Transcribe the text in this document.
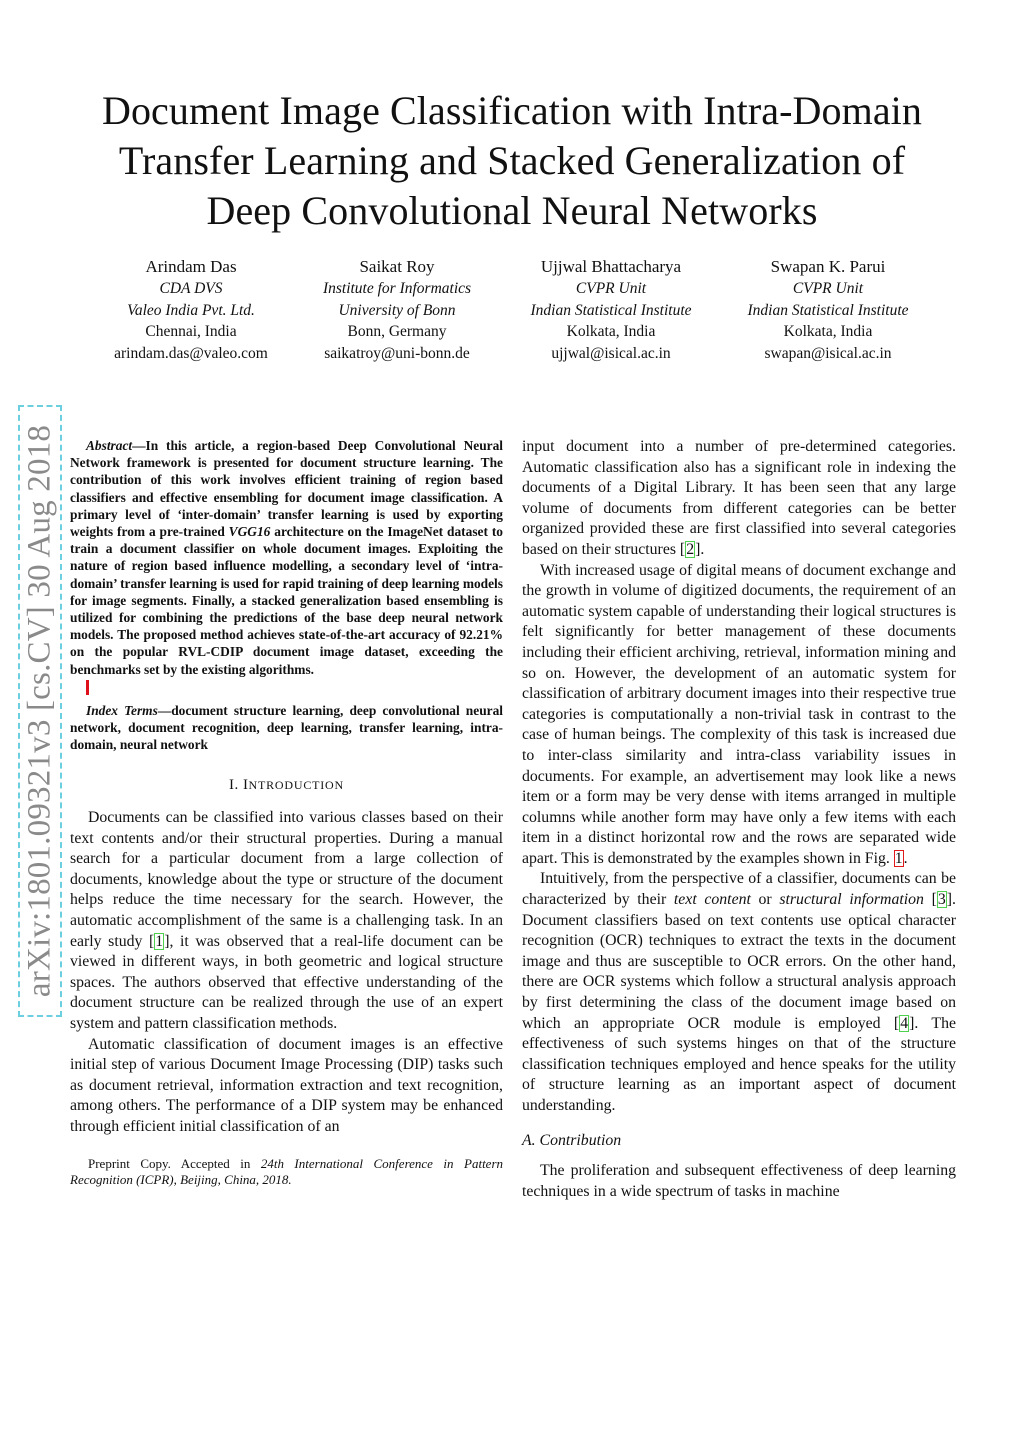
Document Image Classification with Intra-Domain
Transfer Learning and Stacked Generalization of
Deep Convolutional Neural Networks
Arindam Das
CDA DVS
Valeo India Pvt. Ltd.
Chennai, India
arindam.das@valeo.com
Saikat Roy
Institute for Informatics
University of Bonn
Bonn, Germany
saikatroy@uni-bonn.de
Ujjwal Bhattacharya
CVPR Unit
Indian Statistical Institute
Kolkata, India
ujjwal@isical.ac.in
Swapan K. Parui
CVPR Unit
Indian Statistical Institute
Kolkata, India
swapan@isical.ac.in
arXiv:1801.09321v3 [cs.CV] 30 Aug 2018	Abstract—In this article, a region-based Deep Convolutional Neural Network framework is presented for document structure learning. The contribution of this work involves efficient training of region based classifiers and effective ensembling for document image classification. A primary level of ‘inter-domain’ transfer learning is used by exporting weights from a pre-trained VGG16 architecture on the ImageNet dataset to train a document classifier on whole document images. Exploiting the nature of region based influence modelling, a secondary level of ‘intra-domain’ transfer learning is used for rapid training of deep learning models for image segments. Finally, a stacked generalization based ensembling is utilized for combining the predictions of the base deep neural network models. The proposed method achieves state-of-the-art accuracy of 92.21% on the popular RVL-CDIP document image dataset, exceeding the benchmarks set by the existing algorithms.

Index Terms—document structure learning, deep convolutional neural network, document recognition, deep learning, transfer learning, intra-domain, neural network

I. INTRODUCTION

Documents can be classified into various classes based on their text contents and/or their structural properties. During a manual search for a particular document from a large collection of documents, knowledge about the type or structure of the document helps reduce the time necessary for the search. However, the automatic accomplishment of the same is a challenging task. In an early study [1], it was observed that a real-life document can be viewed in different ways, in both geometric and logical structure spaces. The authors observed that effective understanding of the document structure can be realized through the use of an expert system and pattern classification methods.

Automatic classification of document images is an effective initial step of various Document Image Processing (DIP) tasks such as document retrieval, information extraction and text recognition, among others. The performance of a DIP system may be enhanced through efficient initial classification of an

Preprint Copy. Accepted in 24th International Conference in Pattern Recognition (ICPR), Beijing, China, 2018.

input document into a number of pre-determined categories. Automatic classification also has a significant role in indexing the documents of a Digital Library. It has been seen that any large volume of documents from different categories can be better organized provided these are first classified into several categories based on their structures [2].

With increased usage of digital means of document exchange and the growth in volume of digitized documents, the requirement of an automatic system capable of understanding their logical structures is felt significantly for better management of these documents including their efficient archiving, retrieval, information mining and so on. However, the development of an automatic system for classification of arbitrary document images into their respective true categories is computationally a non-trivial task in contrast to the case of human beings. The complexity of this task is increased due to inter-class similarity and intra-class variability issues in documents. For example, an advertisement may look like a news item or a form may be very dense with items arranged in multiple columns while another form may have only a few items with each item in a distinct horizontal row and the rows are separated wide apart. This is demonstrated by the examples shown in Fig. 1.

Intuitively, from the perspective of a classifier, documents can be characterized by their text content or structural information [3]. Document classifiers based on text contents use optical character recognition (OCR) techniques to extract the texts in the document image and thus are susceptible to OCR errors. On the other hand, there are OCR systems which follow a structural analysis approach by first determining the class of the document image based on which an appropriate OCR module is employed [4]. The effectiveness of such systems hinges on that of the structure classification techniques employed and hence speaks for the utility of structure learning as an important aspect of document understanding.

A. Contribution

The proliferation and subsequent effectiveness of deep learning techniques in a wide spectrum of tasks in machine
